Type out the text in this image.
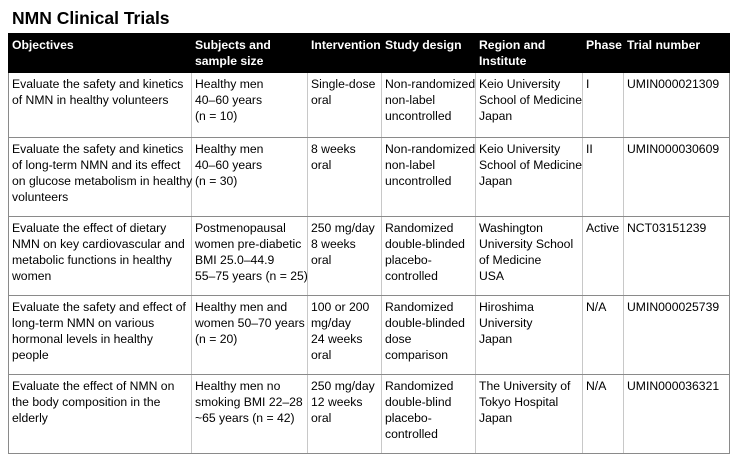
NMN Clinical Trials
Objectives	Subjects and
sample size	Intervention	Study design	Region and
Institute	Phase	Trial number

Evaluate the safety and kinetics
of NMN in healthy volunteers	Healthy men
40–60 years
(n = 10)	Single-dose
oral	Non-randomized
non-label
uncontrolled	Keio University
School of Medicine
Japan	I	UMIN000021309

Evaluate the safety and kinetics
of long-term NMN and its effect
on glucose metabolism in healthy
volunteers	Healthy men
40–60 years
(n = 30)	8 weeks
oral	Non-randomized
non-label
uncontrolled	Keio University
School of Medicine
Japan	II	UMIN000030609

Evaluate the effect of dietary
NMN on key cardiovascular and
metabolic functions in healthy
women	Postmenopausal
women pre-diabetic
BMI 25.0–44.9
55–75 years (n = 25)	250 mg/day
8 weeks
oral	Randomized
double-blinded
placebo-
controlled	Washington
University School
of Medicine
USA	Active	NCT03151239

Evaluate the safety and effect of
long-term NMN on various
hormonal levels in healthy
people	Healthy men and
women 50–70 years
(n = 20)	100 or 200
mg/day
24 weeks
oral	Randomized
double-blinded
dose
comparison	Hiroshima
University
Japan	N/A	UMIN000025739

Evaluate the effect of NMN on
the body composition in the
elderly	Healthy men no
smoking BMI 22–28
~65 years (n = 42)	250 mg/day
12 weeks
oral	Randomized
double-blind
placebo-
controlled	The University of
Tokyo Hospital
Japan	N/A	UMIN000036321
